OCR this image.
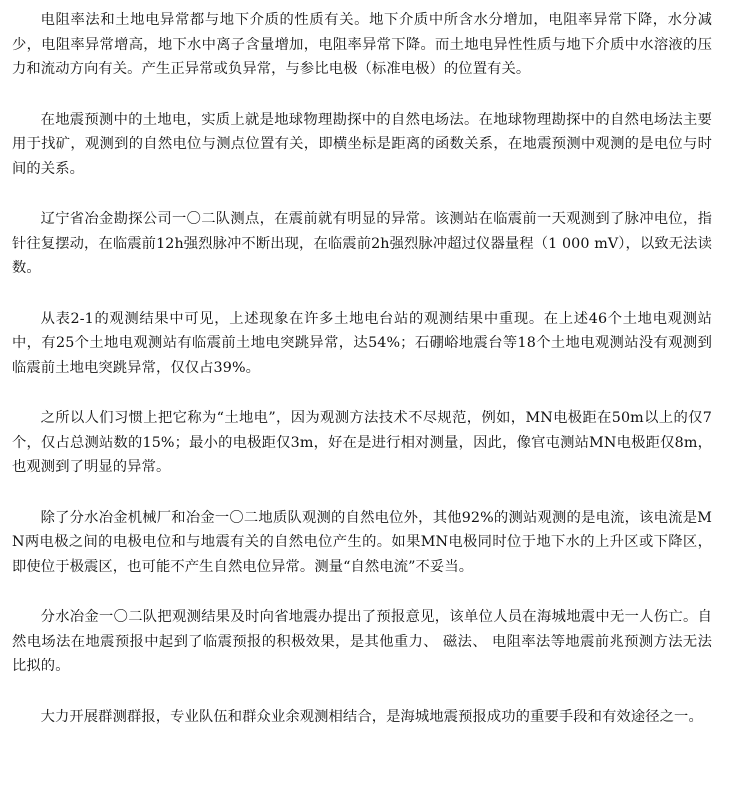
电阻率法和土地电异常都与地下介质的性质有关。地下介质中所含水分增加，电阻率异常下降，水分减少，电阻率异常增高，地下水中离子含量增加，电阻率异常下降。而土地电异性性质与地下介质中水溶液的压力和流动方向有关。产生正异常或负异常，与参比电极（标准电极）的位置有关。

在地震预测中的土地电，实质上就是地球物理勘探中的自然电场法。在地球物理勘探中的自然电场法主要用于找矿，观测到的自然电位与测点位置有关，即横坐标是距离的函数关系，在地震预测中观测的是电位与时间的关系。

辽宁省冶金勘探公司一〇二队测点，在震前就有明显的异常。该测站在临震前一天观测到了脉冲电位，指针往复摆动，在临震前12h强烈脉冲不断出现，在临震前2h强烈脉冲超过仪器量程（1 000 mV），以致无法读数。

从表2-1的观测结果中可见，上述现象在许多土地电台站的观测结果中重现。在上述46个土地电观测站中，有25个土地电观测站有临震前土地电突跳异常，达54%；石硼峪地震台等18个土地电观测站没有观测到临震前土地电突跳异常，仅仅占39%。

之所以人们习惯上把它称为“土地电”，因为观测方法技术不尽规范，例如，MN电极距在50m以上的仅7个，仅占总测站数的15%；最小的电极距仅3m，好在是进行相对测量，因此，像官屯测站MN电极距仅8m，也观测到了明显的异常。

除了分水冶金机械厂和冶金一〇二地质队观测的自然电位外，其他92%的测站观测的是电流，该电流是MN两电极之间的电极电位和与地震有关的自然电位产生的。如果MN电极同时位于地下水的上升区或下降区，即使位于极震区，也可能不产生自然电位异常。测量“自然电流”不妥当。

分水冶金一〇二队把观测结果及时向省地震办提出了预报意见，该单位人员在海城地震中无一人伤亡。自然电场法在地震预报中起到了临震预报的积极效果，是其他重力、 磁法、 电阻率法等地震前兆预测方法无法比拟的。

大力开展群测群报，专业队伍和群众业余观测相结合，是海城地震预报成功的重要手段和有效途径之一。
